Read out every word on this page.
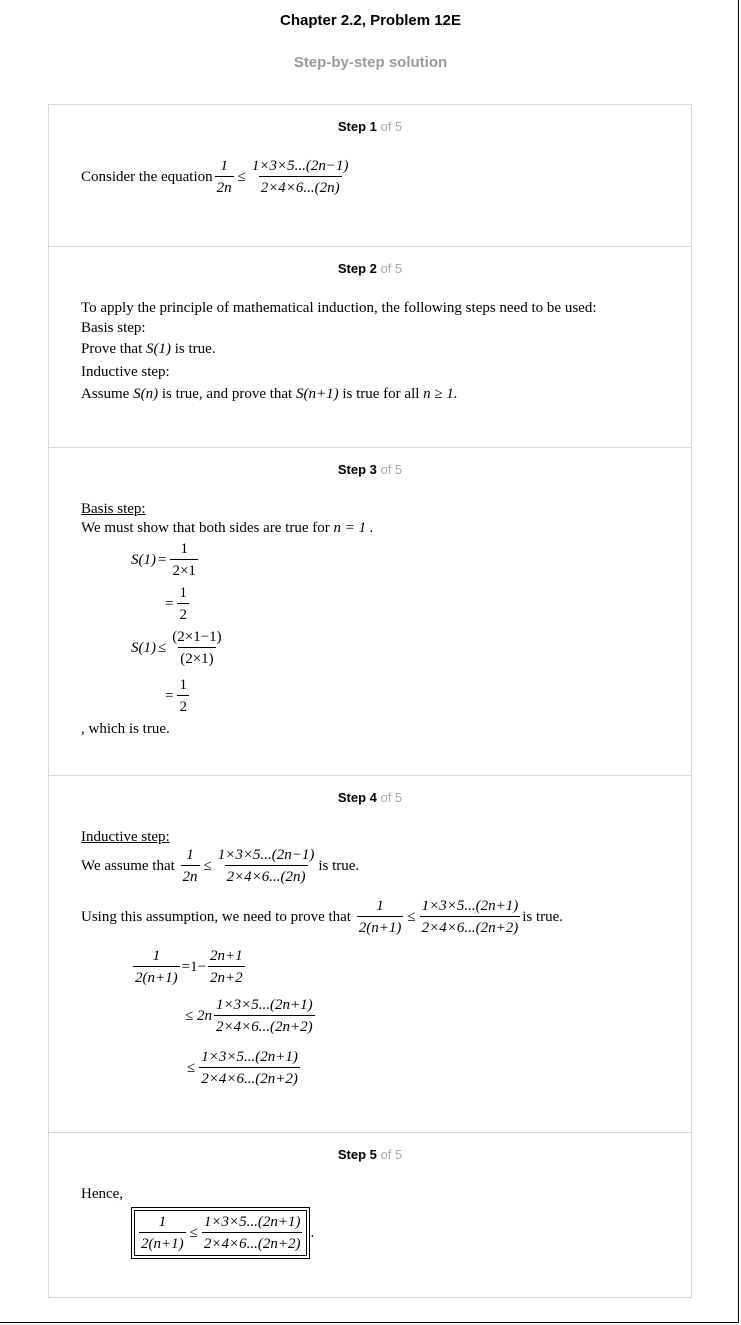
Chapter 2.2, Problem 12E
Step-by-step solution
Step 1 of 5
Consider the equation $\frac{1}{2n} \le \frac{1\times 3\times 5...(2n-1)}{2\times 4\times 6...(2n)}$
Step 2 of 5
To apply the principle of mathematical induction, the following steps need to be used:
Basis step:
Prove that
S(1)
is true.
Inductive step:
Assume
S(n)
is true, and prove that
S(n+1)
is true for all
n ≥ 1.
Step 3 of 5
Basis step:
We must show that both sides are true for
n = 1 .
$S(1) = \frac{1}{2\times 1}$
= $\frac{1}{2}$
$S(1) \le \frac{(2\times 1-1)}{(2\times 1)}$
= $\frac{1}{2}$
, which is true.
Step 4 of 5
Inductive step:
We assume that
$\frac{1}{2n} \le \frac{1\times 3\times 5...(2n-1)}{2\times 4\times 6...(2n)}$ is true.
Using this assumption, we need to prove that
$\frac{1}{2(n+1)} \le \frac{1\times 3\times 5...(2n+1)}{2\times 4\times 6...(2n+2)}$ is true.
$\frac{1}{2(n+1)} =1- \frac{2n+1}{2n+2}$
≤ $2n \frac{1\times 3\times 5...(2n+1)}{2\times 4\times 6...(2n+2)}$
≤ $\frac{1\times 3\times 5...(2n+1)}{2\times 4\times 6...(2n+2)}$
Step 5 of 5
Hence,
$\frac{1}{2(n+1)} \le \frac{1\times 3\times 5...(2n+1)}{2\times 4\times 6...(2n+2)}$ .
